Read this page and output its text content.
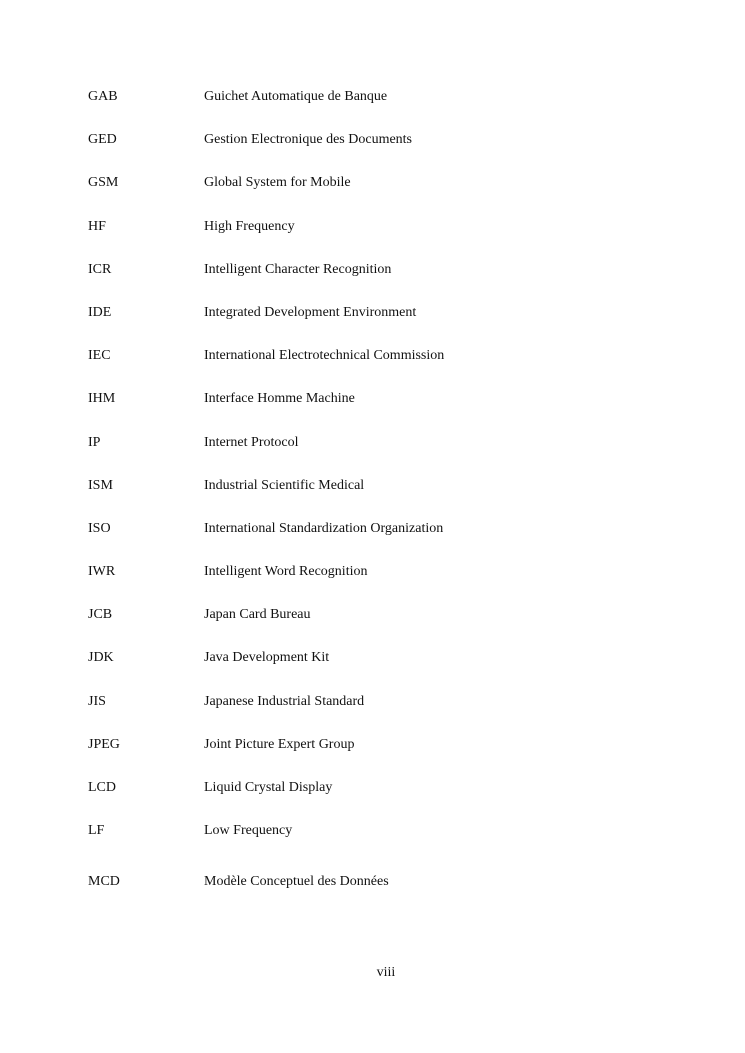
GAB	Guichet Automatique de Banque
GED	Gestion Electronique des Documents
GSM	Global System for Mobile
HF	High Frequency
ICR	Intelligent Character Recognition
IDE	Integrated Development Environment
IEC	International Electrotechnical Commission
IHM	Interface Homme Machine
IP	Internet Protocol
ISM	Industrial Scientific Medical
ISO	International Standardization Organization
IWR	Intelligent Word Recognition
JCB	Japan Card Bureau
JDK	Java Development Kit
JIS	Japanese Industrial Standard
JPEG	Joint Picture Expert Group
LCD	Liquid Crystal Display
LF	Low Frequency
MCD	Modèle Conceptuel des Données
viii
